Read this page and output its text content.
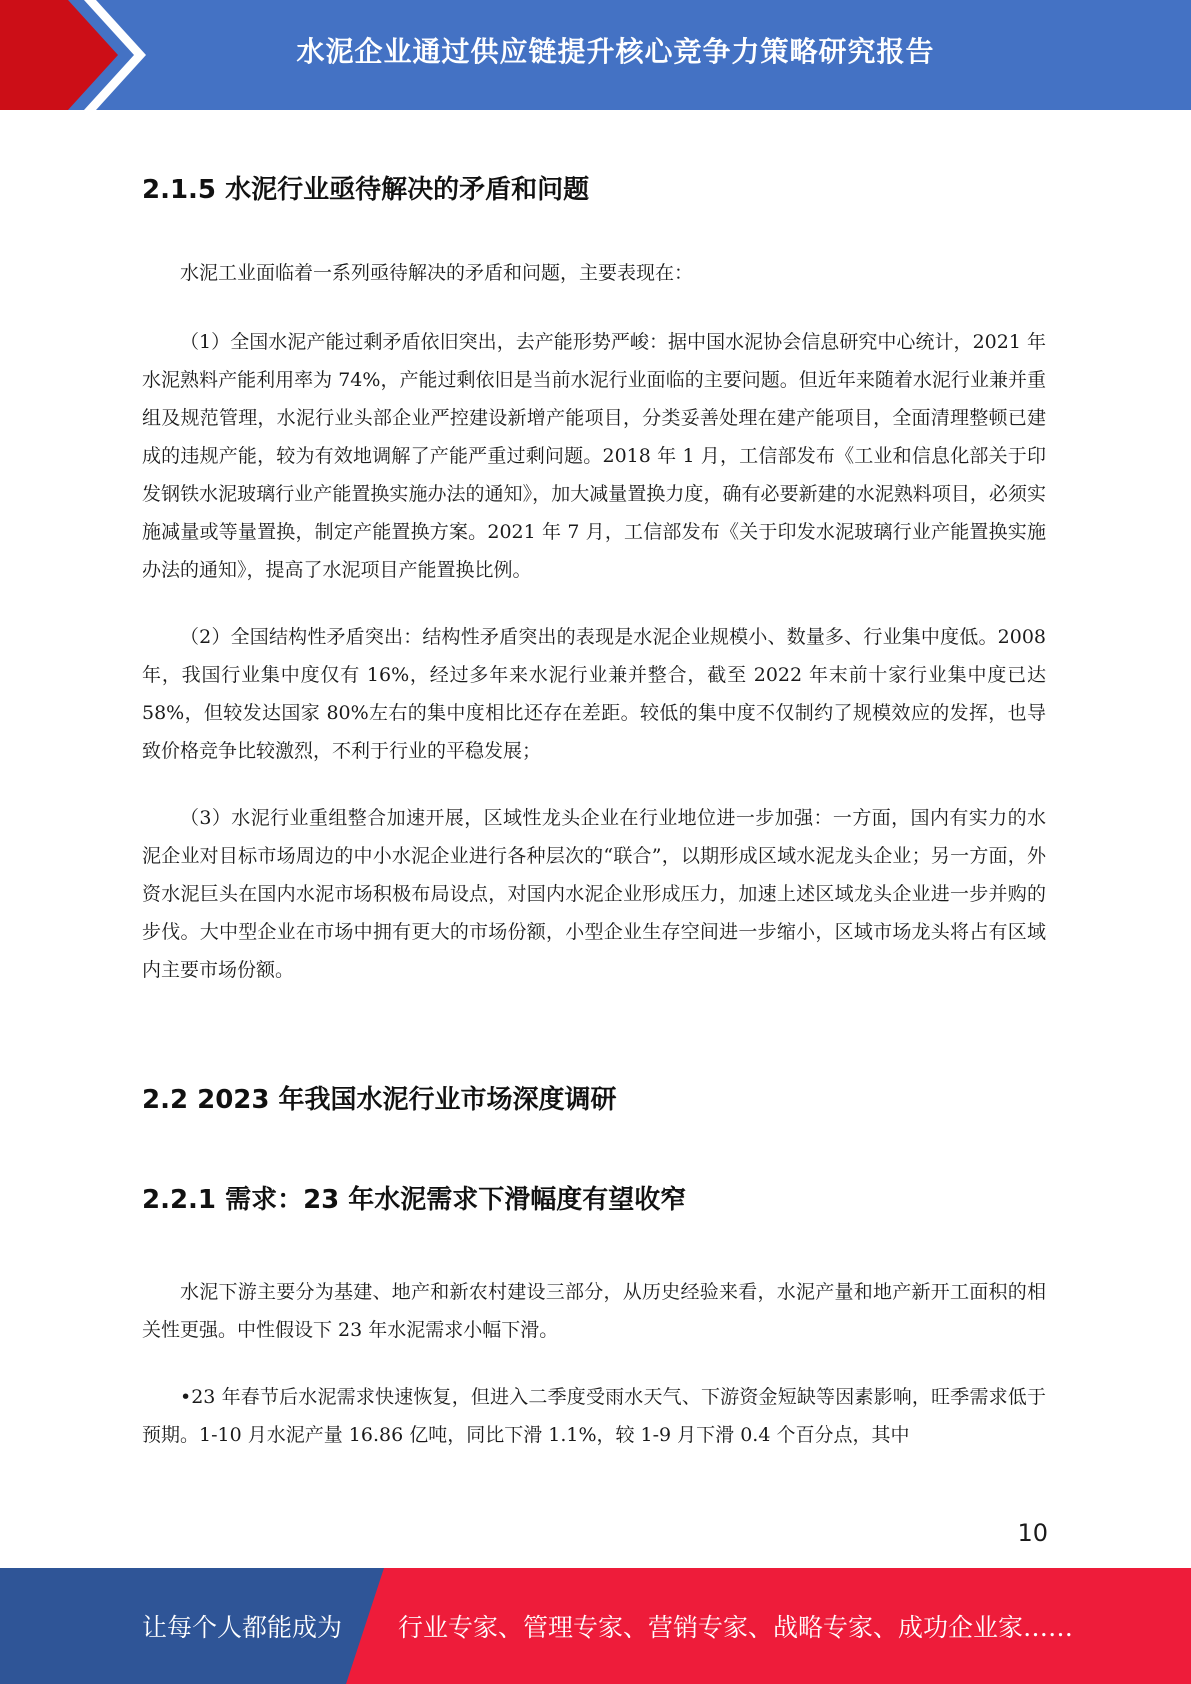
水泥企业通过供应链提升核心竞争力策略研究报告
2.1.5 水泥行业亟待解决的矛盾和问题

水泥工业面临着一系列亟待解决的矛盾和问题，主要表现在：

（1）全国水泥产能过剩矛盾依旧突出，去产能形势严峻：据中国水泥协会信息研究中心统计，2021 年水泥熟料产能利用率为 74%，产能过剩依旧是当前水泥行业面临的主要问题。但近年来随着水泥行业兼并重组及规范管理，水泥行业头部企业严控建设新增产能项目，分类妥善处理在建产能项目，全面清理整顿已建成的违规产能，较为有效地调解了产能严重过剩问题。2018 年 1 月，工信部发布《工业和信息化部关于印发钢铁水泥玻璃行业产能置换实施办法的通知》，加大减量置换力度，确有必要新建的水泥熟料项目，必须实施减量或等量置换，制定产能置换方案。2021 年 7 月，工信部发布《关于印发水泥玻璃行业产能置换实施办法的通知》，提高了水泥项目产能置换比例。

（2）全国结构性矛盾突出：结构性矛盾突出的表现是水泥企业规模小、数量多、行业集中度低。2008 年，我国行业集中度仅有 16%，经过多年来水泥行业兼并整合，截至 2022 年末前十家行业集中度已达 58%，但较发达国家 80%左右的集中度相比还存在差距。较低的集中度不仅制约了规模效应的发挥，也导致价格竞争比较激烈，不利于行业的平稳发展；

（3）水泥行业重组整合加速开展，区域性龙头企业在行业地位进一步加强：一方面，国内有实力的水泥企业对目标市场周边的中小水泥企业进行各种层次的“联合”，以期形成区域水泥龙头企业；另一方面，外资水泥巨头在国内水泥市场积极布局设点，对国内水泥企业形成压力，加速上述区域龙头企业进一步并购的步伐。大中型企业在市场中拥有更大的市场份额，小型企业生存空间进一步缩小，区域市场龙头将占有区域内主要市场份额。

2.2 2023 年我国水泥行业市场深度调研
2.2.1 需求：23 年水泥需求下滑幅度有望收窄

水泥下游主要分为基建、地产和新农村建设三部分，从历史经验来看，水泥产量和地产新开工面积的相关性更强。中性假设下 23 年水泥需求小幅下滑。

•23 年春节后水泥需求快速恢复，但进入二季度受雨水天气、下游资金短缺等因素影响，旺季需求低于预期。1-10 月水泥产量 16.86 亿吨，同比下滑 1.1%，较 1-9 月下滑 0.4 个百分点，其中

10
让每个人都能成为 行业专家、管理专家、营销专家、战略专家、成功企业家……
